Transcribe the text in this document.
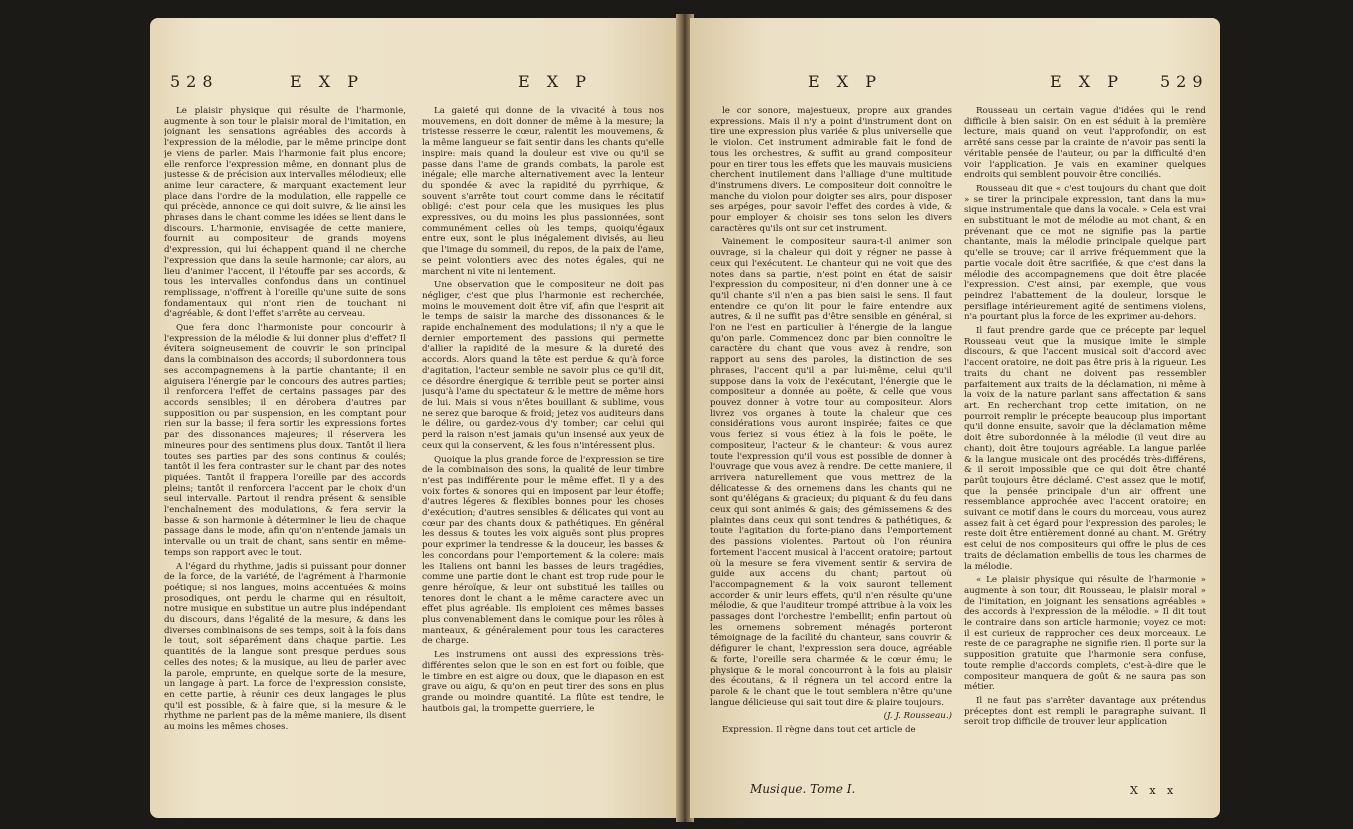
528	E X P	E X P

Le plaisir physique qui résulte de l'harmonie, augmente à son tour le plaisir moral de l'imitation, en joignant les sensations agréables des accords à l'expression de la mélodie, par le même principe dont je viens de parler. Mais l'harmonie fait plus encore; elle renforce l'expression même, en donnant plus de justesse & de précision aux intervalles mélodieux; elle anime leur caractere, & marquant exactement leur place dans l'ordre de la modulation, elle rappelle ce qui précède, annonce ce qui doit suivre, & lie ainsi les phrases dans le chant comme les idées se lient dans le discours. L'harmonie, envisagée de cette maniere, fournit au compositeur de grands moyens d'expression, qui lui échappent quand il ne cherche l'expression que dans la seule harmonie; car alors, au lieu d'animer l'accent, il l'étouffe par ses accords, & tous les intervalles confondus dans un continuel remplissage, n'offrent à l'oreille qu'une suite de sons fondamentaux qui n'ont rien de touchant ni d'agréable, & dont l'effet s'arrête au cerveau.

Que fera donc l'harmoniste pour concourir à l'expression de la mélodie & lui donner plus d'effet? Il évitera soigneusement de couvrir le son principal dans la combinaison des accords; il subordonnera tous ses accompagnemens à la partie chantante; il en aiguisera l'énergie par le concours des autres parties; il renforcera l'effet de certains passages par des accords sensibles; il en dérobera d'autres par supposition ou par suspension, en les comptant pour rien sur la basse; il fera sortir les expressions fortes par des dissonances majeures; il réservera les mineures pour des sentimens plus doux. Tantôt il liera toutes ses parties par des sons continus & coulés; tantôt il les fera contraster sur le chant par des notes piquées. Tantôt il frappera l'oreille par des accords pleins; tantôt il renforcera l'accent par le choix d'un seul intervalle. Partout il rendra présent & sensible l'enchaînement des modulations, & fera servir la basse & son harmonie à déterminer le lieu de chaque passage dans le mode, afin qu'on n'entende jamais un intervalle ou un trait de chant, sans sentir en même-temps son rapport avec le tout.

A l'égard du rhythme, jadis si puissant pour donner de la force, de la variété, de l'agrément à l'harmonie poétique; si nos langues, moins accentuées & moins prosodiques, ont perdu le charme qui en résultoit, notre musique en substitue un autre plus indépendant du discours, dans l'égalité de la mesure, & dans les diverses combinaisons de ses temps, soit à la fois dans le tout, soit séparément dans chaque partie. Les quantités de la langue sont presque perdues sous celles des notes; & la musique, au lieu de parler avec la parole, emprunte, en quelque sorte de la mesure, un langage à part. La force de l'expression consiste, en cette partie, à réunir ces deux langages le plus qu'il est possible, & à faire que, si la mesure & le rhythme ne parlent pas de la même maniere, ils disent au moins les mêmes choses.

La gaieté qui donne de la vivacité à tous nos mouvemens, en doit donner de même à la mesure; la tristesse resserre le cœur, ralentit les mouvemens, & la même langueur se fait sentir dans les chants qu'elle inspire: mais quand la douleur est vive ou qu'il se passe dans l'ame de grands combats, la parole est inégale; elle marche alternativement avec la lenteur du spondée & avec la rapidité du pyrrhique, & souvent s'arrête tout court comme dans le récitatif obligé: c'est pour cela que les musiques les plus expressives, ou du moins les plus passionnées, sont communément celles où les temps, quoiqu'égaux entre eux, sont le plus inégalement divisés, au lieu que l'image du sommeil, du repos, de la paix de l'ame, se peint volontiers avec des notes égales, qui ne marchent ni vite ni lentement.

Une observation que le compositeur ne doit pas négliger, c'est que plus l'harmonie est recherchée, moins le mouvement doit être vif, afin que l'esprit ait le temps de saisir la marche des dissonances & le rapide enchaînement des modulations; il n'y a que le dernier emportement des passions qui permette d'allier la rapidité de la mesure & la dureté des accords. Alors quand la tête est perdue & qu'à force d'agitation, l'acteur semble ne savoir plus ce qu'il dit, ce désordre énergique & terrible peut se porter ainsi jusqu'à l'ame du spectateur & le mettre de même hors de lui. Mais si vous n'êtes bouillant & sublime, vous ne serez que baroque & froid; jetez vos auditeurs dans le délire, ou gardez-vous d'y tomber; car celui qui perd la raison n'est jamais qu'un insensé aux yeux de ceux qui la conservent, & les fous n'intéressent plus.

Quoique la plus grande force de l'expression se tire de la combinaison des sons, la qualité de leur timbre n'est pas indifférente pour le même effet. Il y a des voix fortes & sonores qui en imposent par leur étoffe; d'autres légeres & flexibles bonnes pour les choses d'exécution; d'autres sensibles & délicates qui vont au cœur par des chants doux & pathétiques. En général les dessus & toutes les voix aiguës sont plus propres pour exprimer la tendresse & la douceur, les basses & les concordans pour l'emportement & la colere: mais les Italiens ont banni les basses de leurs tragédies, comme une partie dont le chant est trop rude pour le genre héroïque, & leur ont substitué les tailles ou tenores dont le chant a le même caractere avec un effet plus agréable. Ils emploient ces mêmes basses plus convenablement dans le comique pour les rôles à manteaux, & généralement pour tous les caracteres de charge.

Les instrumens ont aussi des expressions très-différentes selon que le son en est fort ou foible, que le timbre en est aigre ou doux, que le diapason en est grave ou aigu, & qu'on en peut tirer des sons en plus grande ou moindre quantité. La flûte est tendre, le hautbois gai, la trompette guerriere, le

E X P	E X P 529

le cor sonore, majestueux, propre aux grandes expressions. Mais il n'y a point d'instrument dont on tire une expression plus variée & plus universelle que le violon. Cet instrument admirable fait le fond de tous les orchestres, & suffit au grand compositeur pour en tirer tous les effets que les mauvais musiciens cherchent inutilement dans l'alliage d'une multitude d'instrumens divers. Le compositeur doit connoître le manche du violon pour doigter ses airs, pour disposer ses arpéges, pour savoir l'effet des cordes à vide, & pour employer & choisir ses tons selon les divers caractères qu'ils ont sur cet instrument.

Vainement le compositeur saura-t-il animer son ouvrage, si la chaleur qui doit y régner ne passe à ceux qui l'exécutent. Le chanteur qui ne voit que des notes dans sa partie, n'est point en état de saisir l'expression du compositeur, ni d'en donner une à ce qu'il chante s'il n'en a pas bien saisi le sens. Il faut entendre ce qu'on lit pour le faire entendre aux autres, & il ne suffit pas d'être sensible en général, si l'on ne l'est en particulier à l'énergie de la langue qu'on parle. Commencez donc par bien connoître le caractère du chant que vous avez à rendre, son rapport au sens des paroles, la distinction de ses phrases, l'accent qu'il a par lui-même, celui qu'il suppose dans la voix de l'exécutant, l'énergie que le compositeur a donnée au poëte, & celle que vous pouvez donner à votre tour au compositeur. Alors livrez vos organes à toute la chaleur que ces considérations vous auront inspirée; faites ce que vous feriez si vous étiez à la fois le poëte, le compositeur, l'acteur & le chanteur: & vous aurez toute l'expression qu'il vous est possible de donner à l'ouvrage que vous avez à rendre. De cette maniere, il arrivera naturellement que vous mettrez de la délicatesse & des ornemens dans les chants qui ne sont qu'élégans & gracieux; du piquant & du feu dans ceux qui sont animés & gais; des gémissemens & des plaintes dans ceux qui sont tendres & pathétiques, & toute l'agitation du forte-piano dans l'emportement des passions violentes. Partout où l'on réunira fortement l'accent musical à l'accent oratoire; partout où la mesure se fera vivement sentir & servira de guide aux accens du chant; partout où l'accompagnement & la voix sauront tellement accorder & unir leurs effets, qu'il n'en résulte qu'une mélodie, & que l'auditeur trompé attribue à la voix les passages dont l'orchestre l'embellit; enfin partout où les ornemens sobrement ménagés porteront témoignage de la facilité du chanteur, sans couvrir & défigurer le chant, l'expression sera douce, agréable & forte, l'oreille sera charmée & le cœur ému; le physique & le moral concourront à la fois au plaisir des écoutans, & il régnera un tel accord entre la parole & le chant que le tout semblera n'être qu'une langue délicieuse qui sait tout dire & plaire toujours.

(J. J. Rousseau.)

Expression. Il règne dans tout cet article de

Rousseau un certain vague d'idées qui le rend difficile à bien saisir. On en est séduit à la première lecture, mais quand on veut l'approfondir, on est arrêté sans cesse par la crainte de n'avoir pas senti la véritable pensée de l'auteur, ou par la difficulté d'en voir l'application. Je vais en examiner quelques endroits qui semblent pouvoir être conciliés.

Rousseau dit que « c'est toujours du chant que doit » se tirer la principale expression, tant dans la mu» sique instrumentale que dans la vocale. » Cela est vrai en substituant le mot de mélodie au mot chant, & en prévenant que ce mot ne signifie pas la partie chantante, mais la mélodie principale quelque part qu'elle se trouve; car il arrive fréquemment que la partie vocale doit être sacrifiée, & que c'est dans la mélodie des accompagnemens que doit être placée l'expression. C'est ainsi, par exemple, que vous peindrez l'abattement de la douleur, lorsque le persiflage intérieurement agité de sentimens violens, n'a pourtant plus la force de les exprimer au-dehors.

Il faut prendre garde que ce précepte par lequel Rousseau veut que la musique imite le simple discours, & que l'accent musical soit d'accord avec l'accent oratoire, ne doit pas être pris à la rigueur. Les traits du chant ne doivent pas ressembler parfaitement aux traits de la déclamation, ni même à la voix de la nature parlant sans affectation & sans art. En recherchant trop cette imitation, on ne pourroit remplir le précepte beaucoup plus important qu'il donne ensuite, savoir que la déclamation même doit être subordonnée à la mélodie (il veut dire au chant), doit être toujours agréable. La langue parlée & la langue musicale ont des procédés très-différens, & il seroit impossible que ce qui doit être chanté parût toujours être déclamé. C'est assez que le motif, que la pensée principale d'un air offrent une ressemblance approchée avec l'accent oratoire; en suivant ce motif dans le cours du morceau, vous aurez assez fait à cet égard pour l'expression des paroles; le reste doit être entièrement donné au chant. M. Grétry est celui de nos compositeurs qui offre le plus de ces traits de déclamation embellis de tous les charmes de la mélodie.

« Le plaisir physique qui résulte de l'harmonie » augmente à son tour, dit Rousseau, le plaisir moral » de l'imitation, en joignant les sensations agréables » des accords à l'expression de la mélodie. » Il dit tout le contraire dans son article harmonie; voyez ce mot: il est curieux de rapprocher ces deux morceaux. Le reste de ce paragraphe ne signifie rien. Il porte sur la supposition gratuite que l'harmonie sera confuse, toute remplie d'accords complets, c'est-à-dire que le compositeur manquera de goût & ne saura pas son métier.

Il ne faut pas s'arrêter davantage aux prétendus préceptes dont est rempli le paragraphe suivant. Il seroit trop difficile de trouver leur application

Musique. Tome I.	X x x
